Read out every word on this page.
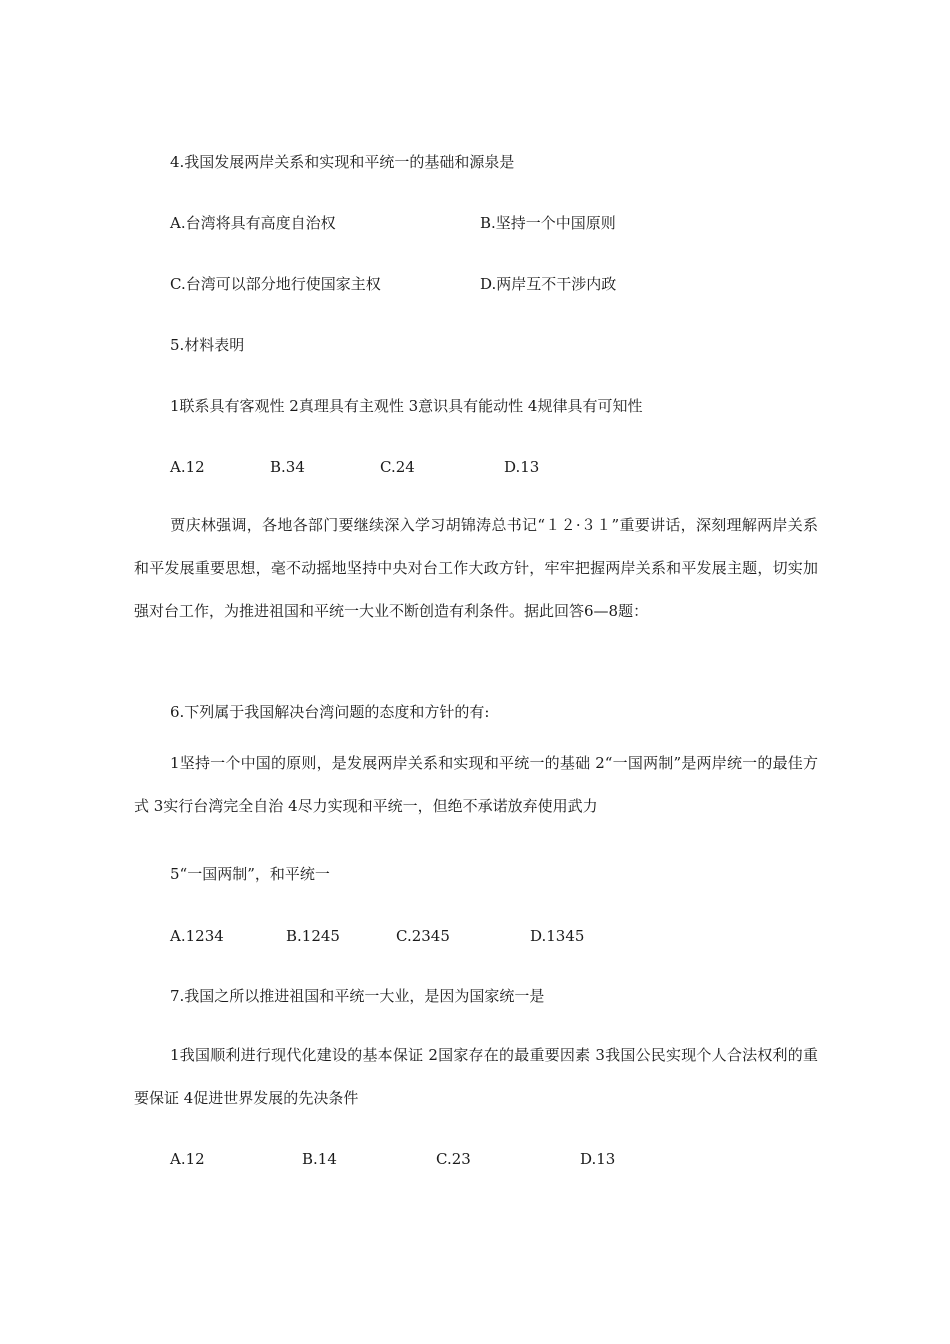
4.我国发展两岸关系和实现和平统一的基础和源泉是
A.台湾将具有高度自治权	B.坚持一个中国原则
C.台湾可以部分地行使国家主权	D.两岸互不干涉内政
5.材料表明
1联系具有客观性 2真理具有主观性 3意识具有能动性 4规律具有可知性
A.12	B.34	C.24	D.13
贾庆林强调，各地各部门要继续深入学习胡锦涛总书记“１２·３１”重要讲话，深刻理解两岸关系和平发展重要思想，毫不动摇地坚持中央对台工作大政方针，牢牢把握两岸关系和平发展主题，切实加强对台工作，为推进祖国和平统一大业不断创造有利条件。据此回答6—8题：
6.下列属于我国解决台湾问题的态度和方针的有:
1坚持一个中国的原则，是发展两岸关系和实现和平统一的基础 2“一国两制”是两岸统一的最佳方式 3实行台湾完全自治 4尽力实现和平统一，但绝不承诺放弃使用武力
5“一国两制”，和平统一
A.1234	B.1245	C.2345	D.1345
7.我国之所以推进祖国和平统一大业，是因为国家统一是
1我国顺利进行现代化建设的基本保证 2国家存在的最重要因素 3我国公民实现个人合法权利的重要保证 4促进世界发展的先决条件
A.12	B.14	C.23	D.13
